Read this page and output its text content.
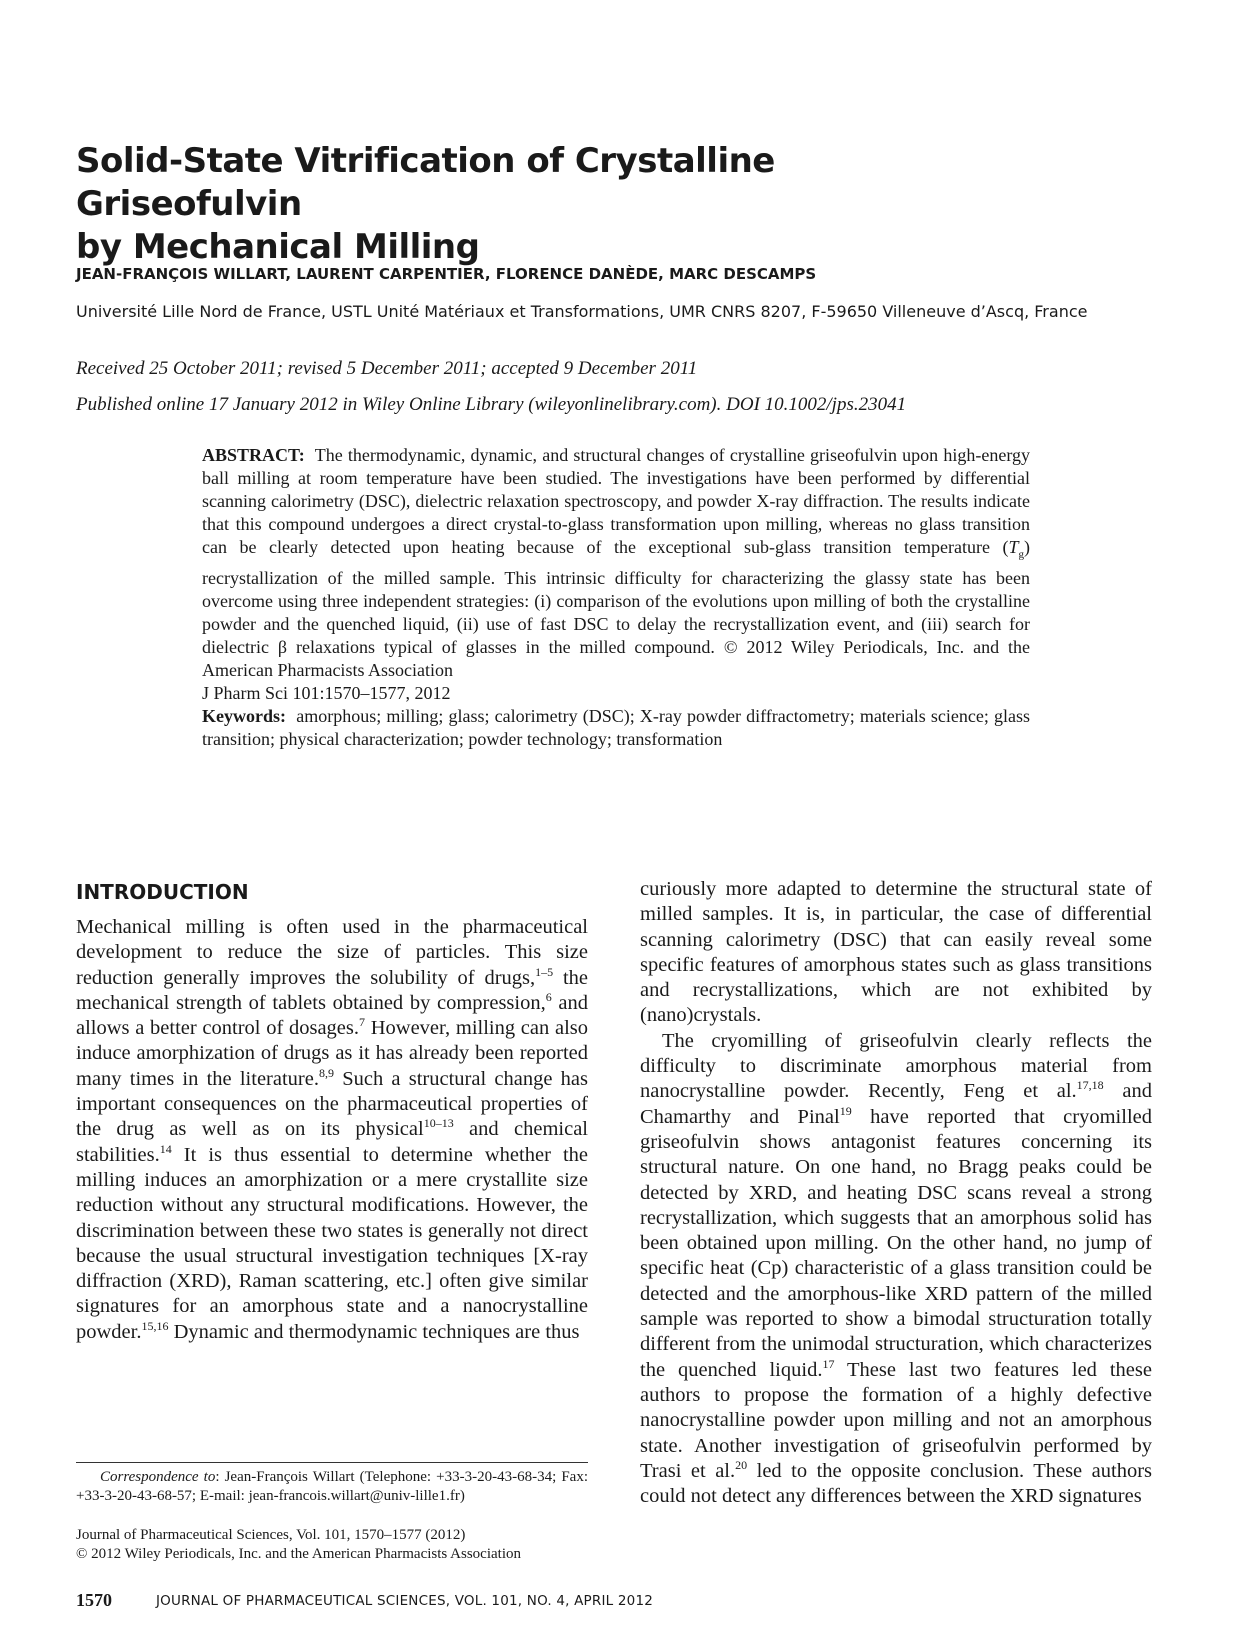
Solid-State Vitrification of Crystalline Griseofulvin
by Mechanical Milling
JEAN-FRANÇOIS WILLART, LAURENT CARPENTIER, FLORENCE DANÈDE, MARC DESCAMPS
Université Lille Nord de France, USTL Unité Matériaux et Transformations, UMR CNRS 8207, F-59650 Villeneuve d’Ascq, France
Received 25 October 2011; revised 5 December 2011; accepted 9 December 2011
Published online 17 January 2012 in Wiley Online Library (wileyonlinelibrary.com). DOI 10.1002/jps.23041
ABSTRACT: The thermodynamic, dynamic, and structural changes of crystalline griseofulvin upon high-energy ball milling at room temperature have been studied. The investigations have been performed by differential scanning calorimetry (DSC), dielectric relaxation spectroscopy, and powder X-ray diffraction. The results indicate that this compound undergoes a direct crystal-to-glass transformation upon milling, whereas no glass transition can be clearly detected upon heating because of the exceptional sub-glass transition temperature $(T_g)$ recrystallization of the milled sample. This intrinsic difficulty for characterizing the glassy state has been overcome using three independent strategies: (i) comparison of the evolutions upon milling of both the crystalline powder and the quenched liquid, (ii) use of fast DSC to delay the recrystallization event, and (iii) search for dielectric β relaxations typical of glasses in the milled compound. © 2012 Wiley Periodicals, Inc. and the American Pharmacists Association
J Pharm Sci 101:1570–1577, 2012
Keywords: amorphous; milling; glass; calorimetry (DSC); X-ray powder diffractometry; materials science; glass transition; physical characterization; powder technology; transformation
INTRODUCTION
Mechanical milling is often used in the pharmaceutical development to reduce the size of particles. This size reduction generally improves the solubility of drugs,$^{1-5}$ the mechanical strength of tablets obtained by compression,$^6$ and allows a better control of dosages.$^7$ However, milling can also induce amorphization of drugs as it has already been reported many times in the literature.$^{8,9}$ Such a structural change has important consequences on the pharmaceutical properties of the drug as well as on its physical$^{10-13}$ and chemical stabilities.$^{14}$ It is thus essential to determine whether the milling induces an amorphization or a mere crystallite size reduction without any structural modifications. However, the discrimination between these two states is generally not direct because the usual structural investigation techniques [X-ray diffraction (XRD), Raman scattering, etc.] often give similar signatures for an amorphous state and a nanocrystalline powder.$^{15,16}$ Dynamic and thermodynamic techniques are thus
curiously more adapted to determine the structural state of milled samples. It is, in particular, the case of differential scanning calorimetry (DSC) that can easily reveal some specific features of amorphous states such as glass transitions and recrystallizations, which are not exhibited by (nano)crystals.
The cryomilling of griseofulvin clearly reflects the difficulty to discriminate amorphous material from nanocrystalline powder. Recently, Feng et al.$^{17,18}$ and Chamarthy and Pinal$^{19}$ have reported that cryomilled griseofulvin shows antagonist features concerning its structural nature. On one hand, no Bragg peaks could be detected by XRD, and heating DSC scans reveal a strong recrystallization, which suggests that an amorphous solid has been obtained upon milling. On the other hand, no jump of specific heat (Cp) characteristic of a glass transition could be detected and the amorphous-like XRD pattern of the milled sample was reported to show a bimodal structuration totally different from the unimodal structuration, which characterizes the quenched liquid.$^{17}$ These last two features led these authors to propose the formation of a highly defective nanocrystalline powder upon milling and not an amorphous state. Another investigation of griseofulvin performed by Trasi et al.$^{20}$ led to the opposite conclusion. These authors could not detect any differences between the XRD signatures
Correspondence to: Jean-François Willart (Telephone: +33-3-20-43-68-34; Fax: +33-3-20-43-68-57; E-mail: jean-francois.willart@univ-lille1.fr)
Journal of Pharmaceutical Sciences, Vol. 101, 1570–1577 (2012)
© 2012 Wiley Periodicals, Inc. and the American Pharmacists Association
1570	JOURNAL OF PHARMACEUTICAL SCIENCES, VOL. 101, NO. 4, APRIL 2012
